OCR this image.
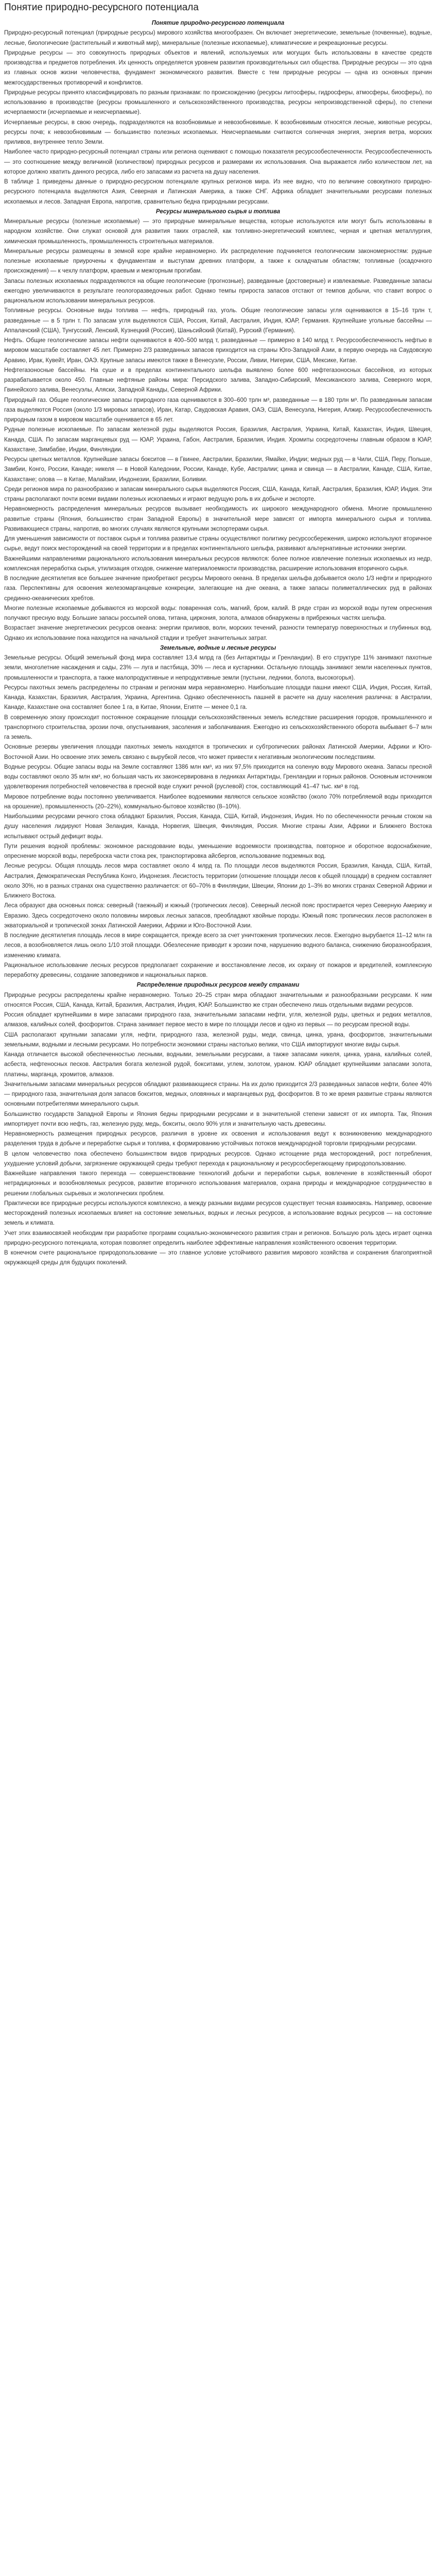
Понятие природно-ресурсного потенциала
Понятие природно-ресурсного потенциала

Природно-ресурсный потенциал (природные ресурсы) мирового хозяйства многообразен. Он включает энергетические, земельные (почвенные), водные, лесные, биологические (растительный и животный мир), минеральные (полезные ископаемые), климатические и рекреационные ресурсы.

Природные ресурсы — это совокупность природных объектов и явлений, используемых или могущих быть использованы в качестве средств производства и предметов потребления. Их ценность определяется уровнем развития производительных сил общества. Природные ресурсы — это одна из главных основ жизни человечества, фундамент экономического развития. Вместе с тем природные ресурсы — одна из основных причин межгосударственных противоречий и конфликтов.

Природные ресурсы принято классифицировать по разным признакам: по происхождению (ресурсы литосферы, гидросферы, атмосферы, биосферы), по использованию в производстве (ресурсы промышленного и сельскохозяйственного производства, ресурсы непроизводственной сферы), по степени исчерпаемости (исчерпаемые и неисчерпаемые).

Исчерпаемые ресурсы, в свою очередь, подразделяются на возобновимые и невозобновимые. К возобновимым относятся лесные, животные ресурсы, ресурсы почв; к невозобновимым — большинство полезных ископаемых. Неисчерпаемыми считаются солнечная энергия, энергия ветра, морских приливов, внутреннее тепло Земли.

Наиболее часто природно-ресурсный потенциал страны или региона оценивают с помощью показателя ресурсообеспеченности. Ресурсообеспеченность — это соотношение между величиной (количеством) природных ресурсов и размерами их использования. Она выражается либо количеством лет, на которое должно хватить данного ресурса, либо его запасами из расчета на душу населения.

В таблице 1 приведены данные о природно-ресурсном потенциале крупных регионов мира. Из нее видно, что по величине совокупного природно-ресурсного потенциала выделяются Азия, Северная и Латинская Америка, а также СНГ. Африка обладает значительными ресурсами полезных ископаемых и лесов. Западная Европа, напротив, сравнительно бедна природными ресурсами.

Ресурсы минерального сырья и топлива

Минеральные ресурсы (полезные ископаемые) — это природные минеральные вещества, которые используются или могут быть использованы в народном хозяйстве. Они служат основой для развития таких отраслей, как топливно-энергетический комплекс, черная и цветная металлургия, химическая промышленность, промышленность строительных материалов.

Минеральные ресурсы размещены в земной коре крайне неравномерно. Их распределение подчиняется геологическим закономерностям: рудные полезные ископаемые приурочены к фундаментам и выступам древних платформ, а также к складчатым областям; топливные (осадочного происхождения) — к чехлу платформ, краевым и межгорным прогибам.

Запасы полезных ископаемых подразделяются на общие геологические (прогнозные), разведанные (достоверные) и извлекаемые. Разведанные запасы ежегодно увеличиваются в результате геологоразведочных работ. Однако темпы прироста запасов отстают от темпов добычи, что ставит вопрос о рациональном использовании минеральных ресурсов.

Топливные ресурсы. Основные виды топлива — нефть, природный газ, уголь. Общие геологические запасы угля оцениваются в 15–16 трлн т, разведанные — в 5 трлн т. По запасам угля выделяются США, Россия, Китай, Австралия, Индия, ЮАР, Германия. Крупнейшие угольные бассейны — Аппалачский (США), Тунгусский, Ленский, Кузнецкий (Россия), Шаньсийский (Китай), Рурский (Германия).

Нефть. Общие геологические запасы нефти оцениваются в 400–500 млрд т, разведанные — примерно в 140 млрд т. Ресурсообеспеченность нефтью в мировом масштабе составляет 45 лет. Примерно 2/3 разведанных запасов приходится на страны Юго-Западной Азии, в первую очередь на Саудовскую Аравию, Ирак, Кувейт, Иран, ОАЭ. Крупные запасы имеются также в Венесуэле, России, Ливии, Нигерии, США, Мексике, Китае.

Нефтегазоносные бассейны. На суше и в пределах континентального шельфа выявлено более 600 нефтегазоносных бассейнов, из которых разрабатывается около 450. Главные нефтяные районы мира: Персидского залива, Западно-Сибирский, Мексиканского залива, Северного моря, Гвинейского залива, Венесуэлы, Аляски, Западной Канады, Северной Африки.

Природный газ. Общие геологические запасы природного газа оцениваются в 300–600 трлн м³, разведанные — в 180 трлн м³. По разведанным запасам газа выделяются Россия (около 1/3 мировых запасов), Иран, Катар, Саудовская Аравия, ОАЭ, США, Венесуэла, Нигерия, Алжир. Ресурсообеспеченность природным газом в мировом масштабе оценивается в 65 лет.

Рудные полезные ископаемые. По запасам железной руды выделяются Россия, Бразилия, Австралия, Украина, Китай, Казахстан, Индия, Швеция, Канада, США. По запасам марганцевых руд — ЮАР, Украина, Габон, Австралия, Бразилия, Индия. Хромиты сосредоточены главным образом в ЮАР, Казахстане, Зимбабве, Индии, Финляндии.

Ресурсы цветных металлов. Крупнейшие запасы бокситов — в Гвинее, Австралии, Бразилии, Ямайке, Индии; медных руд — в Чили, США, Перу, Польше, Замбии, Конго, России, Канаде; никеля — в Новой Каледонии, России, Канаде, Кубе, Австралии; цинка и свинца — в Австралии, Канаде, США, Китае, Казахстане; олова — в Китае, Малайзии, Индонезии, Бразилии, Боливии.

Среди регионов мира по разнообразию и запасам минерального сырья выделяются Россия, США, Канада, Китай, Австралия, Бразилия, ЮАР, Индия. Эти страны располагают почти всеми видами полезных ископаемых и играют ведущую роль в их добыче и экспорте.

Неравномерность распределения минеральных ресурсов вызывает необходимость их широкого международного обмена. Многие промышленно развитые страны (Япония, большинство стран Западной Европы) в значительной мере зависят от импорта минерального сырья и топлива. Развивающиеся страны, напротив, во многих случаях являются крупными экспортерами сырья.

Для уменьшения зависимости от поставок сырья и топлива развитые страны осуществляют политику ресурсосбережения, широко используют вторичное сырье, ведут поиск месторождений на своей территории и в пределах континентального шельфа, развивают альтернативные источники энергии.

Важнейшими направлениями рационального использования минеральных ресурсов являются: более полное извлечение полезных ископаемых из недр, комплексная переработка сырья, утилизация отходов, снижение материалоемкости производства, расширение использования вторичного сырья.

В последние десятилетия все большее значение приобретают ресурсы Мирового океана. В пределах шельфа добывается около 1/3 нефти и природного газа. Перспективны для освоения железомарганцевые конкреции, залегающие на дне океана, а также запасы полиметаллических руд в районах срединно-океанических хребтов.

Многие полезные ископаемые добываются из морской воды: поваренная соль, магний, бром, калий. В ряде стран из морской воды путем опреснения получают пресную воду. Большие запасы россыпей олова, титана, циркония, золота, алмазов обнаружены в прибрежных частях шельфа.

Возрастает значение энергетических ресурсов океана: энергии приливов, волн, морских течений, разности температур поверхностных и глубинных вод. Однако их использование пока находится на начальной стадии и требует значительных затрат.

Земельные, водные и лесные ресурсы

Земельные ресурсы. Общий земельный фонд мира составляет 13,4 млрд га (без Антарктиды и Гренландии). В его структуре 11% занимают пахотные земли, многолетние насаждения и сады, 23% — луга и пастбища, 30% — леса и кустарники. Остальную площадь занимают земли населенных пунктов, промышленности и транспорта, а также малопродуктивные и непродуктивные земли (пустыни, ледники, болота, высокогорья).

Ресурсы пахотных земель распределены по странам и регионам мира неравномерно. Наибольшие площади пашни имеют США, Индия, Россия, Китай, Канада, Казахстан, Бразилия, Австралия, Украина, Аргентина. Однако обеспеченность пашней в расчете на душу населения различна: в Австралии, Канаде, Казахстане она составляет более 1 га, в Китае, Японии, Египте — менее 0,1 га.

В современную эпоху происходит постоянное сокращение площади сельскохозяйственных земель вследствие расширения городов, промышленного и транспортного строительства, эрозии почв, опустынивания, засоления и заболачивания. Ежегодно из сельскохозяйственного оборота выбывает 6–7 млн га земель.

Основные резервы увеличения площади пахотных земель находятся в тропических и субтропических районах Латинской Америки, Африки и Юго-Восточной Азии. Но освоение этих земель связано с вырубкой лесов, что может привести к негативным экологическим последствиям.

Водные ресурсы. Общие запасы воды на Земле составляют 1386 млн км³, из них 97,5% приходится на соленую воду Мирового океана. Запасы пресной воды составляют около 35 млн км³, но большая часть их законсервирована в ледниках Антарктиды, Гренландии и горных районов. Основным источником удовлетворения потребностей человечества в пресной воде служит речной (руслевой) сток, составляющий 41–47 тыс. км³ в год.

Мировое потребление воды постоянно увеличивается. Наиболее водоемкими являются сельское хозяйство (около 70% потребляемой воды приходится на орошение), промышленность (20–22%), коммунально-бытовое хозяйство (8–10%).

Наибольшими ресурсами речного стока обладают Бразилия, Россия, Канада, США, Китай, Индонезия, Индия. Но по обеспеченности речным стоком на душу населения лидируют Новая Зеландия, Канада, Норвегия, Швеция, Финляндия, Россия. Многие страны Азии, Африки и Ближнего Востока испытывают острый дефицит воды.

Пути решения водной проблемы: экономное расходование воды, уменьшение водоемкости производства, повторное и оборотное водоснабжение, опреснение морской воды, переброска части стока рек, транспортировка айсбергов, использование подземных вод.

Лесные ресурсы. Общая площадь лесов мира составляет около 4 млрд га. По площади лесов выделяются Россия, Бразилия, Канада, США, Китай, Австралия, Демократическая Республика Конго, Индонезия. Лесистость территории (отношение площади лесов к общей площади) в среднем составляет около 30%, но в разных странах она существенно различается: от 60–70% в Финляндии, Швеции, Японии до 1–3% во многих странах Северной Африки и Ближнего Востока.

Леса образуют два основных пояса: северный (таежный) и южный (тропических лесов). Северный лесной пояс простирается через Северную Америку и Евразию. Здесь сосредоточено около половины мировых лесных запасов, преобладают хвойные породы. Южный пояс тропических лесов расположен в экваториальной и тропической зонах Латинской Америки, Африки и Юго-Восточной Азии.

В последние десятилетия площадь лесов в мире сокращается, прежде всего за счет уничтожения тропических лесов. Ежегодно вырубается 11–12 млн га лесов, а возобновляется лишь около 1/10 этой площади. Обезлесение приводит к эрозии почв, нарушению водного баланса, снижению биоразнообразия, изменению климата.

Рациональное использование лесных ресурсов предполагает сохранение и восстановление лесов, их охрану от пожаров и вредителей, комплексную переработку древесины, создание заповедников и национальных парков.

Распределение природных ресурсов между странами

Природные ресурсы распределены крайне неравномерно. Только 20–25 стран мира обладают значительными и разнообразными ресурсами. К ним относятся Россия, США, Канада, Китай, Бразилия, Австралия, Индия, ЮАР. Большинство же стран обеспечено лишь отдельными видами ресурсов.

Россия обладает крупнейшими в мире запасами природного газа, значительными запасами нефти, угля, железной руды, цветных и редких металлов, алмазов, калийных солей, фосфоритов. Страна занимает первое место в мире по площади лесов и одно из первых — по ресурсам пресной воды.

США располагают крупными запасами угля, нефти, природного газа, железной руды, меди, свинца, цинка, урана, фосфоритов, значительными земельными, водными и лесными ресурсами. Но потребности экономики страны настолько велики, что США импортируют многие виды сырья.

Канада отличается высокой обеспеченностью лесными, водными, земельными ресурсами, а также запасами никеля, цинка, урана, калийных солей, асбеста, нефтеносных песков. Австралия богата железной рудой, бокситами, углем, золотом, ураном. ЮАР обладает крупнейшими запасами золота, платины, марганца, хромитов, алмазов.

Значительными запасами минеральных ресурсов обладают развивающиеся страны. На их долю приходится 2/3 разведанных запасов нефти, более 40% — природного газа, значительная доля запасов бокситов, медных, оловянных и марганцевых руд, фосфоритов. В то же время развитые страны являются основными потребителями минерального сырья.

Большинство государств Западной Европы и Япония бедны природными ресурсами и в значительной степени зависят от их импорта. Так, Япония импортирует почти всю нефть, газ, железную руду, медь, бокситы, около 90% угля и значительную часть древесины.

Неравномерность размещения природных ресурсов, различия в уровне их освоения и использования ведут к возникновению международного разделения труда в добыче и переработке сырья и топлива, к формированию устойчивых потоков международной торговли природными ресурсами.

В целом человечество пока обеспечено большинством видов природных ресурсов. Однако истощение ряда месторождений, рост потребления, ухудшение условий добычи, загрязнение окружающей среды требуют перехода к рациональному и ресурсосберегающему природопользованию.

Важнейшие направления такого перехода — совершенствование технологий добычи и переработки сырья, вовлечение в хозяйственный оборот нетрадиционных и возобновляемых ресурсов, развитие вторичного использования материалов, охрана природы и международное сотрудничество в решении глобальных сырьевых и экологических проблем.

Практически все природные ресурсы используются комплексно, а между разными видами ресурсов существует тесная взаимосвязь. Например, освоение месторождений полезных ископаемых влияет на состояние земельных, водных и лесных ресурсов, а использование водных ресурсов — на состояние земель и климата.

Учет этих взаимосвязей необходим при разработке программ социально-экономического развития стран и регионов. Большую роль здесь играет оценка природно-ресурсного потенциала, которая позволяет определить наиболее эффективные направления хозяйственного освоения территории.

В конечном счете рациональное природопользование — это главное условие устойчивого развития мирового хозяйства и сохранения благоприятной окружающей среды для будущих поколений.
